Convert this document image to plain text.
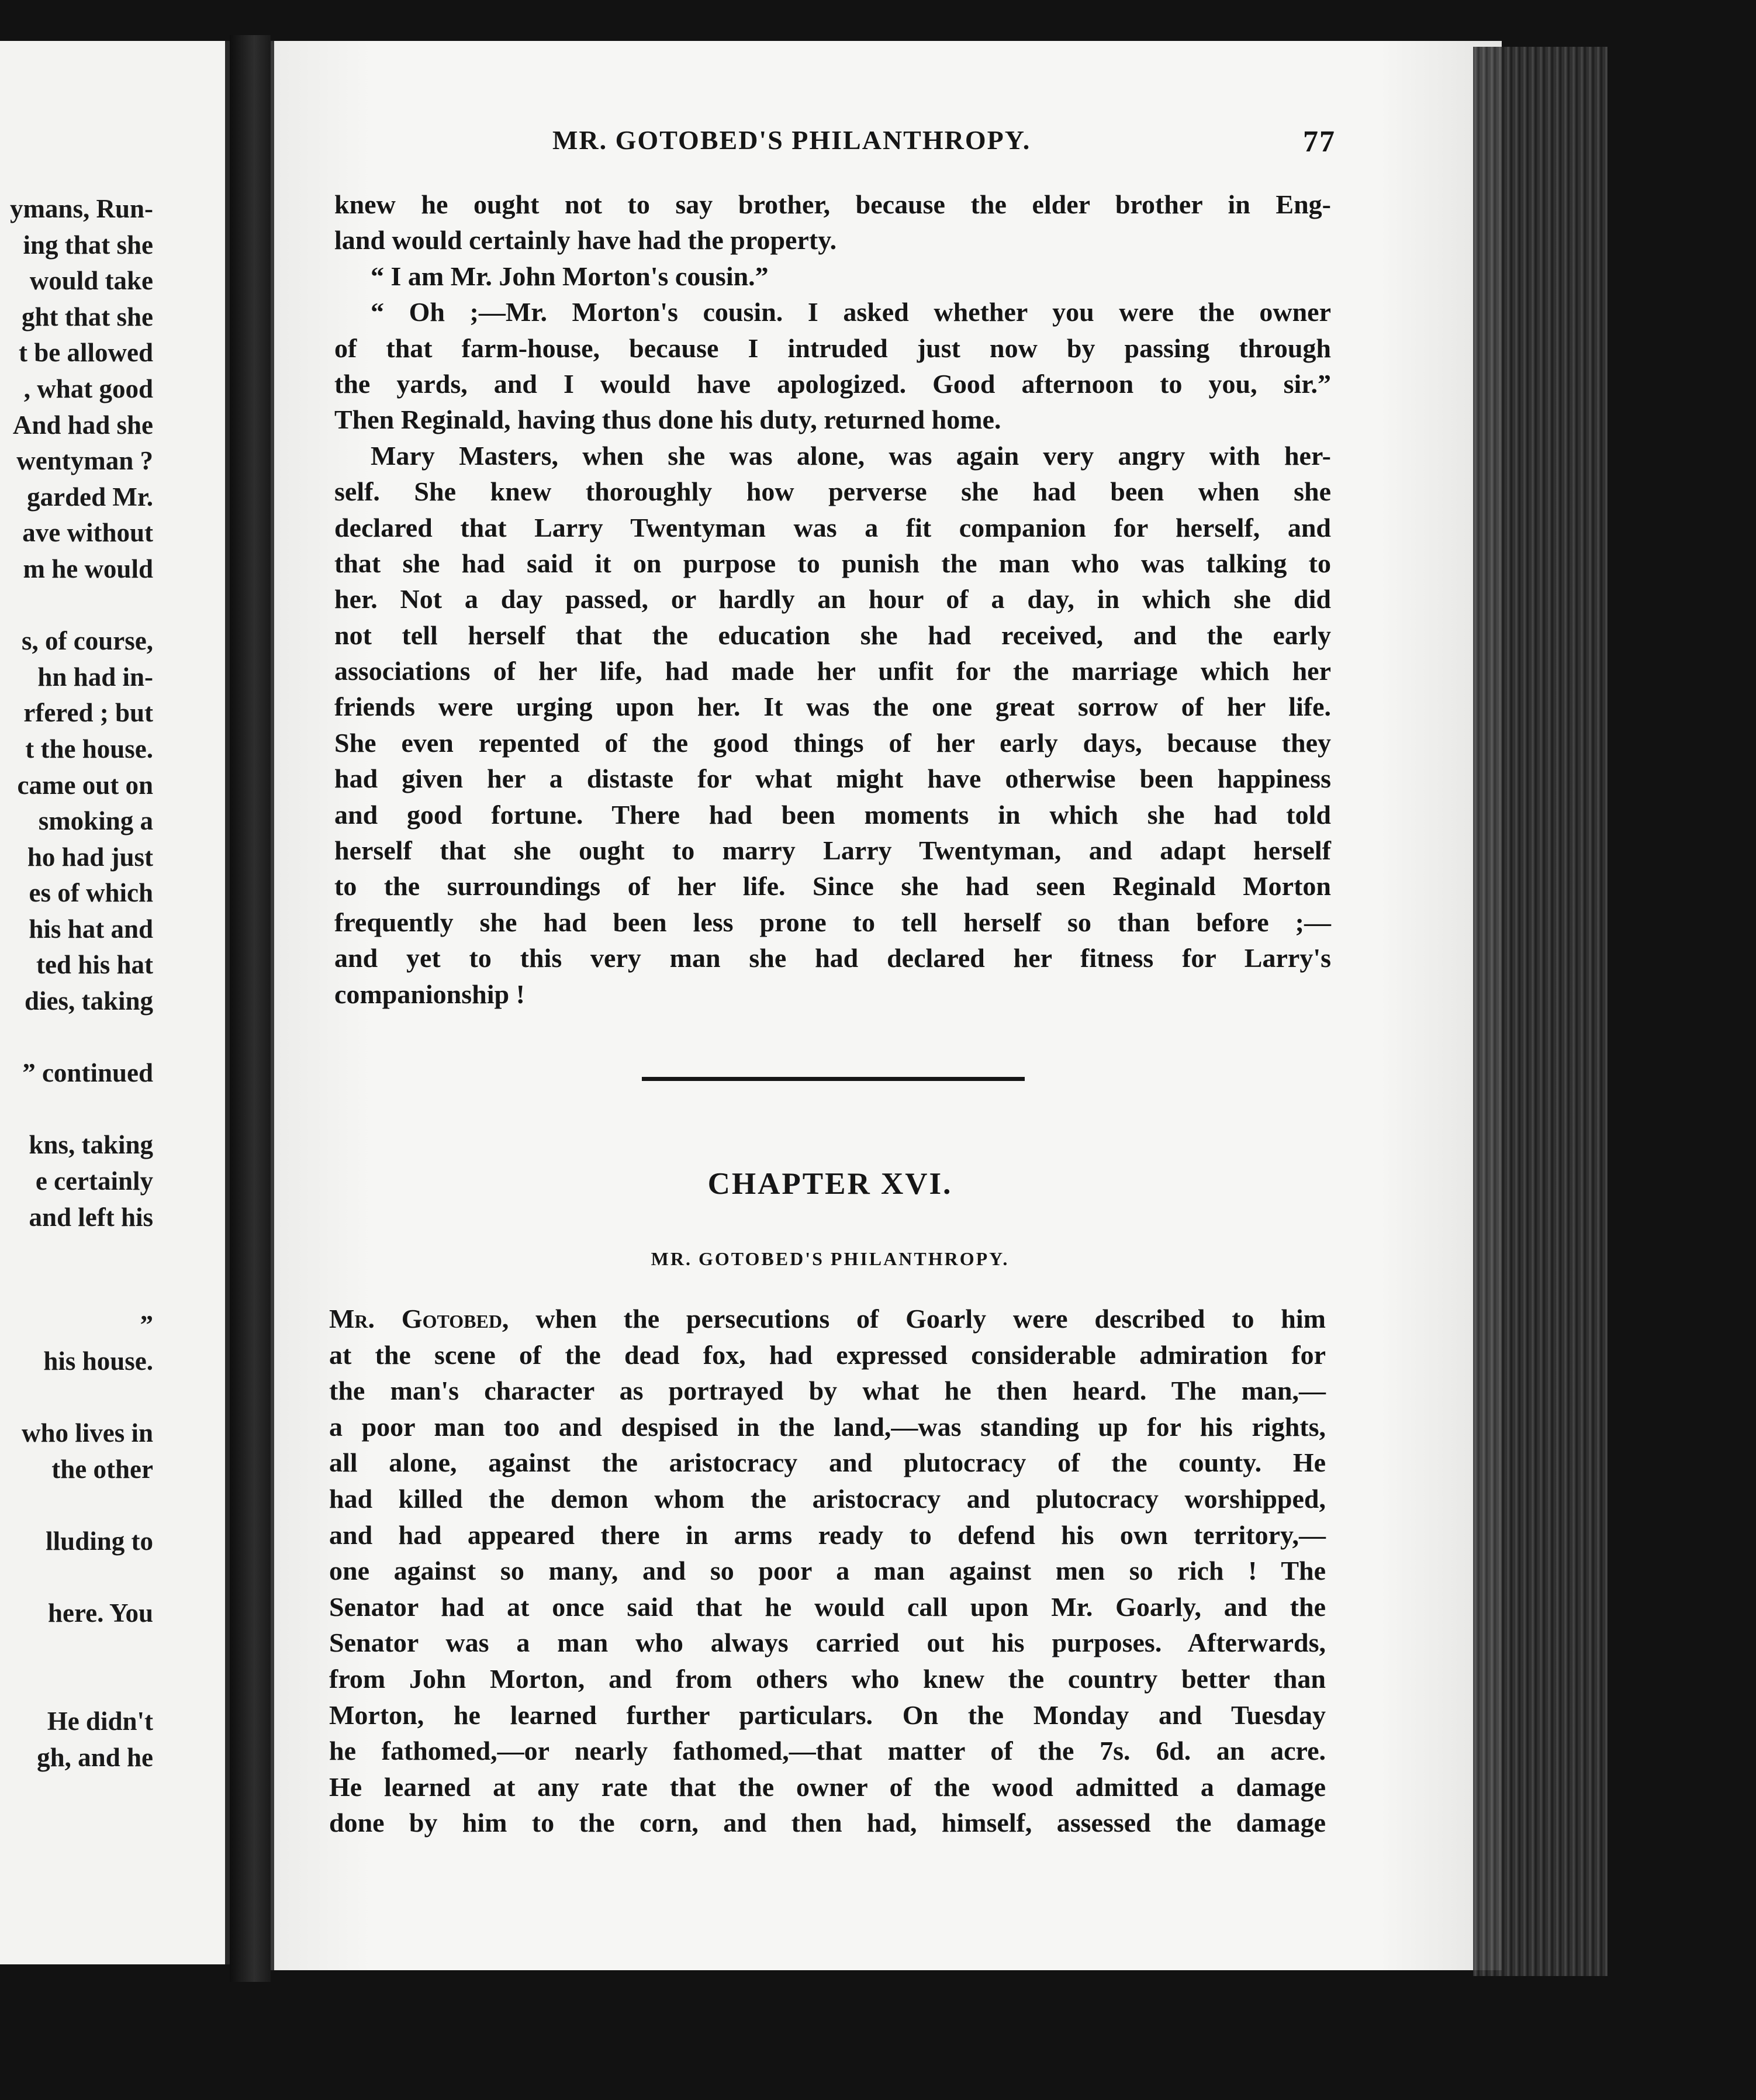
ymans, Run-
ing that she
would take
ght that she
t be allowed
, what good
And had she
wentyman ?
garded Mr.
ave without
m he would
s, of course,
hn had in-
rfered ; but
t the house.
came out on
smoking a
ho had just
es of which
his hat and
ted his hat
dies, taking
” continued
kns, taking
e certainly
and left his
”
his house.
who lives in
the other
lluding to
here. You
He didn't
gh, and he
MR. GOTOBED'S PHILANTHROPY.	77
knew he ought not to say brother, because the elder brother in Eng-
land would certainly have had the property.
“ I am Mr. John Morton's cousin.”
“ Oh ;—Mr. Morton's cousin. I asked whether you were the owner
of that farm-house, because I intruded just now by passing through
the yards, and I would have apologized. Good afternoon to you, sir.”
Then Reginald, having thus done his duty, returned home.
Mary Masters, when she was alone, was again very angry with her-
self. She knew thoroughly how perverse she had been when she
declared that Larry Twentyman was a fit companion for herself, and
that she had said it on purpose to punish the man who was talking to
her. Not a day passed, or hardly an hour of a day, in which she did
not tell herself that the education she had received, and the early
associations of her life, had made her unfit for the marriage which her
friends were urging upon her. It was the one great sorrow of her life.
She even repented of the good things of her early days, because they
had given her a distaste for what might have otherwise been happiness
and good fortune. There had been moments in which she had told
herself that she ought to marry Larry Twentyman, and adapt herself
to the surroundings of her life. Since she had seen Reginald Morton
frequently she had been less prone to tell herself so than before ;—
and yet to this very man she had declared her fitness for Larry's
companionship !
CHAPTER XVI.
MR. GOTOBED'S PHILANTHROPY.
Mr. Gotobed, when the persecutions of Goarly were described to him
at the scene of the dead fox, had expressed considerable admiration for
the man's character as portrayed by what he then heard. The man,—
a poor man too and despised in the land,—was standing up for his rights,
all alone, against the aristocracy and plutocracy of the county. He
had killed the demon whom the aristocracy and plutocracy worshipped,
and had appeared there in arms ready to defend his own territory,—
one against so many, and so poor a man against men so rich ! The
Senator had at once said that he would call upon Mr. Goarly, and the
Senator was a man who always carried out his purposes. Afterwards,
from John Morton, and from others who knew the country better than
Morton, he learned further particulars. On the Monday and Tuesday
he fathomed,—or nearly fathomed,—that matter of the 7s. 6d. an acre.
He learned at any rate that the owner of the wood admitted a damage
done by him to the corn, and then had, himself, assessed the damage
